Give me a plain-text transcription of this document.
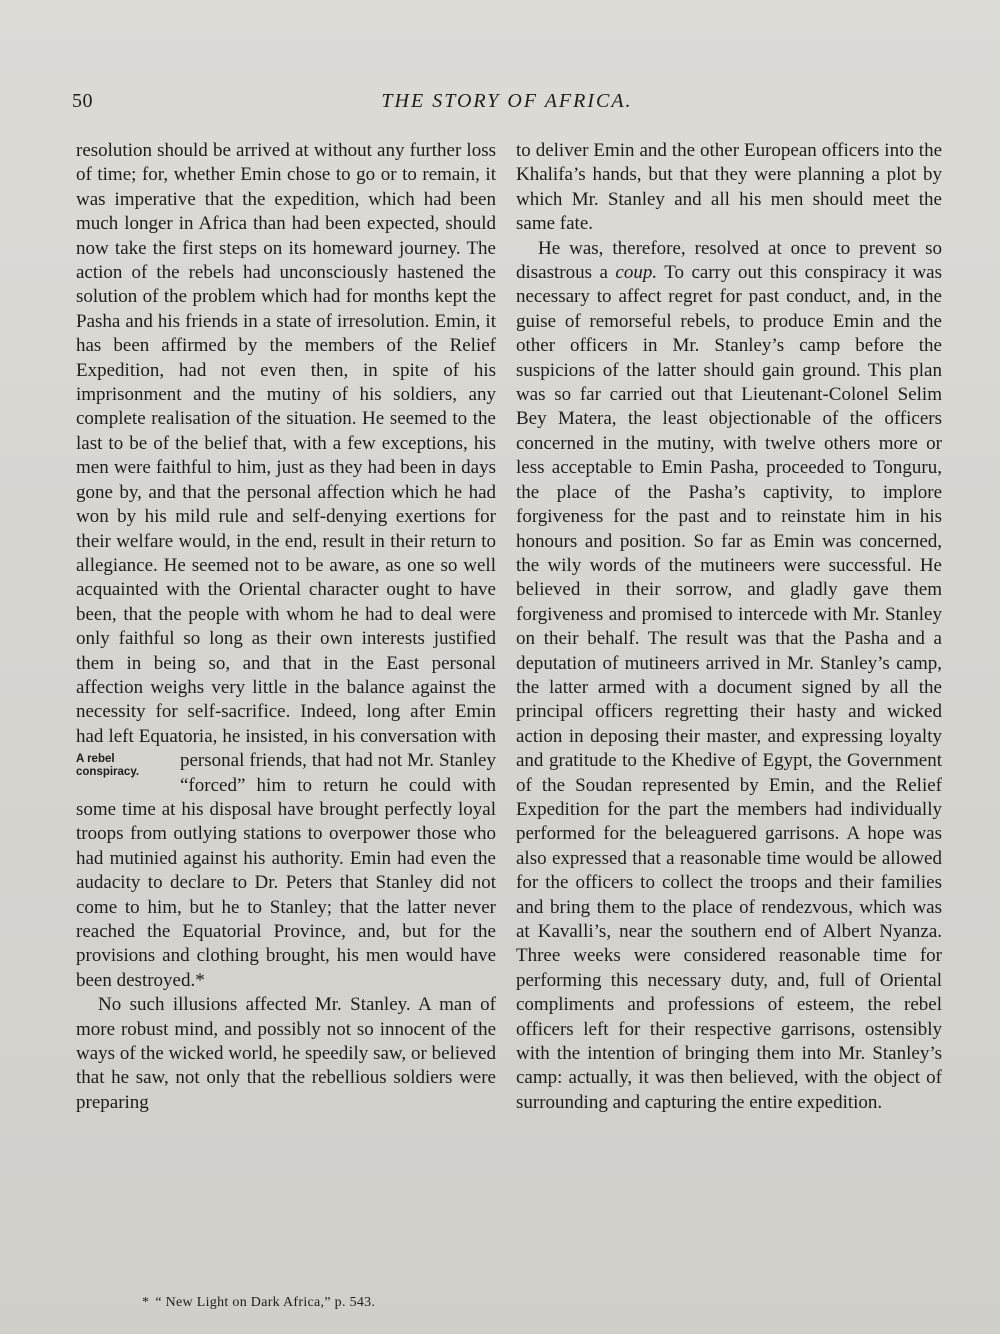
50	THE STORY OF AFRICA.

resolution should be arrived at without any further loss of time; for, whether Emin chose to go or to remain, it was imperative that the expedition, which had been much longer in Africa than had been expected, should now take the first steps on its homeward journey. The action of the rebels had unconsciously hastened the solution of the problem which had for months kept the Pasha and his friends in a state of irresolution. Emin, it has been affirmed by the members of the Relief Expedition, had not even then, in spite of his imprisonment and the mutiny of his soldiers, any complete realisation of the situation. He seemed to the last to be of the belief that, with a few exceptions, his men were faithful to him, just as they had been in days gone by, and that the personal affection which he had won by his mild rule and self-denying exertions for their welfare would, in the end, result in their return to allegiance. He seemed not to be aware, as one so well acquainted with the Oriental character ought to have been, that the people with whom he had to deal were only faithful so long as their own interests justified them in being so, and that in the East personal affection weighs very little in the balance against the necessity for self-sacrifice. Indeed, long after Emin had left Equatoria, he insisted, in his conversation
A rebel
conspiracy.
with personal friends, that had not Mr. Stanley “forced” him to return he could with some time at his disposal have brought perfectly loyal troops from outlying stations to overpower those who had mutinied against his authority. Emin had even the audacity to declare to Dr. Peters that Stanley did not come to him, but he to Stanley; that the latter never reached the Equatorial Province, and, but for the provisions and clothing brought, his men would have been destroyed.*

No such illusions affected Mr. Stanley. A man of more robust mind, and possibly not so innocent of the ways of the wicked world, he speedily saw, or believed that he saw, not only that the rebellious soldiers were preparing

to deliver Emin and the other European officers into the Khalifa’s hands, but that they were planning a plot by which Mr. Stanley and all his men should meet the same fate.

He was, therefore, resolved at once to prevent so disastrous a coup. To carry out this conspiracy it was necessary to affect regret for past conduct, and, in the guise of remorseful rebels, to produce Emin and the other officers in Mr. Stanley’s camp before the suspicions of the latter should gain ground. This plan was so far carried out that Lieutenant-Colonel Selim Bey Matera, the least objectionable of the officers concerned in the mutiny, with twelve others more or less acceptable to Emin Pasha, proceeded to Tonguru, the place of the Pasha’s captivity, to implore forgiveness for the past and to reinstate him in his honours and position. So far as Emin was concerned, the wily words of the mutineers were successful. He believed in their sorrow, and gladly gave them forgiveness and promised to intercede with Mr. Stanley on their behalf. The result was that the Pasha and a deputation of mutineers arrived in Mr. Stanley’s camp, the latter armed with a document signed by all the principal officers regretting their hasty and wicked action in deposing their master, and expressing loyalty and gratitude to the Khedive of Egypt, the Government of the Soudan represented by Emin, and the Relief Expedition for the part the members had individually performed for the beleaguered garrisons. A hope was also expressed that a reasonable time would be allowed for the officers to collect the troops and their families and bring them to the place of rendezvous, which was at Kavalli’s, near the southern end of Albert Nyanza. Three weeks were considered reasonable time for performing this necessary duty, and, full of Oriental compliments and professions of esteem, the rebel officers left for their respective garrisons, ostensibly with the intention of bringing them into Mr. Stanley’s camp: actually, it was then believed, with the object of surrounding and capturing the entire expedition.

* “ New Light on Dark Africa,” p. 543.
